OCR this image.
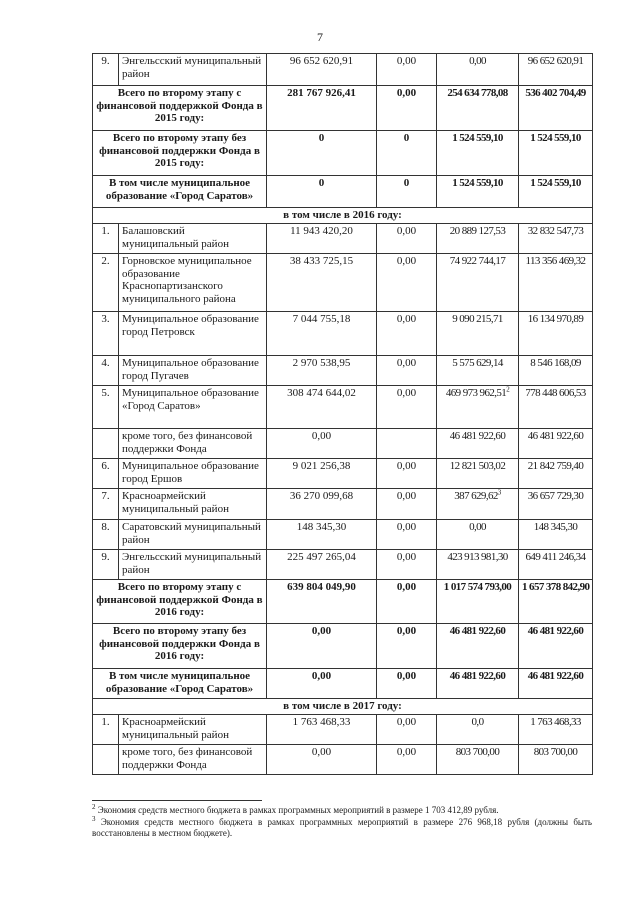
7
9.	Энгельсский муниципальный район	96 652 620,91	0,00	0,00	96 652 620,91
Всего по второму этапу с финансовой поддержкой Фонда в 2015 году:		281 767 926,41	0,00	254 634 778,08	536 402 704,49
Всего по второму этапу без финансовой поддержки Фонда в 2015 году:		0	0	1 524 559,10	1 524 559,10
В том числе муниципальное образование «Город Саратов»		0	0	1 524 559,10	1 524 559,10
в том числе в 2016 году:					
1.	Балашовский муниципальный район	11 943 420,20	0,00	20 889 127,53	32 832 547,73
2.	Горновское муниципальное образование Краснопартизанского муниципального района	38 433 725,15	0,00	74 922 744,17	113 356 469,32
3.	Муниципальное образование город Петровск	7 044 755,18	0,00	9 090 215,71	16 134 970,89
4.	Муниципальное образование город Пугачев	2 970 538,95	0,00	5 575 629,14	8 546 168,09
5.	Муниципальное образование «Город Саратов»	308 474 644,02	0,00	469 973 962,51$^2$	778 448 606,53
	кроме того, без финансовой поддержки Фонда	0,00		46 481 922,60	46 481 922,60
6.	Муниципальное образование город Ершов	9 021 256,38	0,00	12 821 503,02	21 842 759,40
7.	Красноармейский муниципальный район	36 270 099,68	0,00	387 629,62$^3$	36 657 729,30
8.	Саратовский муниципальный район	148 345,30	0,00	0,00	148 345,30
9.	Энгельсский муниципальный район	225 497 265,04	0,00	423 913 981,30	649 411 246,34
Всего по второму этапу с финансовой поддержкой Фонда в 2016 году:		639 804 049,90	0,00	1 017 574 793,00	1 657 378 842,90
Всего по второму этапу без финансовой поддержки Фонда в 2016 году:		0,00	0,00	46 481 922,60	46 481 922,60
В том числе муниципальное образование «Город Саратов»		0,00	0,00	46 481 922,60	46 481 922,60
в том числе в 2017 году:					
1.	Красноармейский муниципальный район	1 763 468,33	0,00	0,0	1 763 468,33
	кроме того, без финансовой поддержки Фонда	0,00	0,00	803 700,00	803 700,00

$^2$ Экономия средств местного бюджета в рамках программных мероприятий в размере 1 703 412,89 рубля.

$^3$ Экономия средств местного бюджета в рамках программных мероприятий в размере 276 968,18 рубля (должны быть восстановлены в местном бюджете).
